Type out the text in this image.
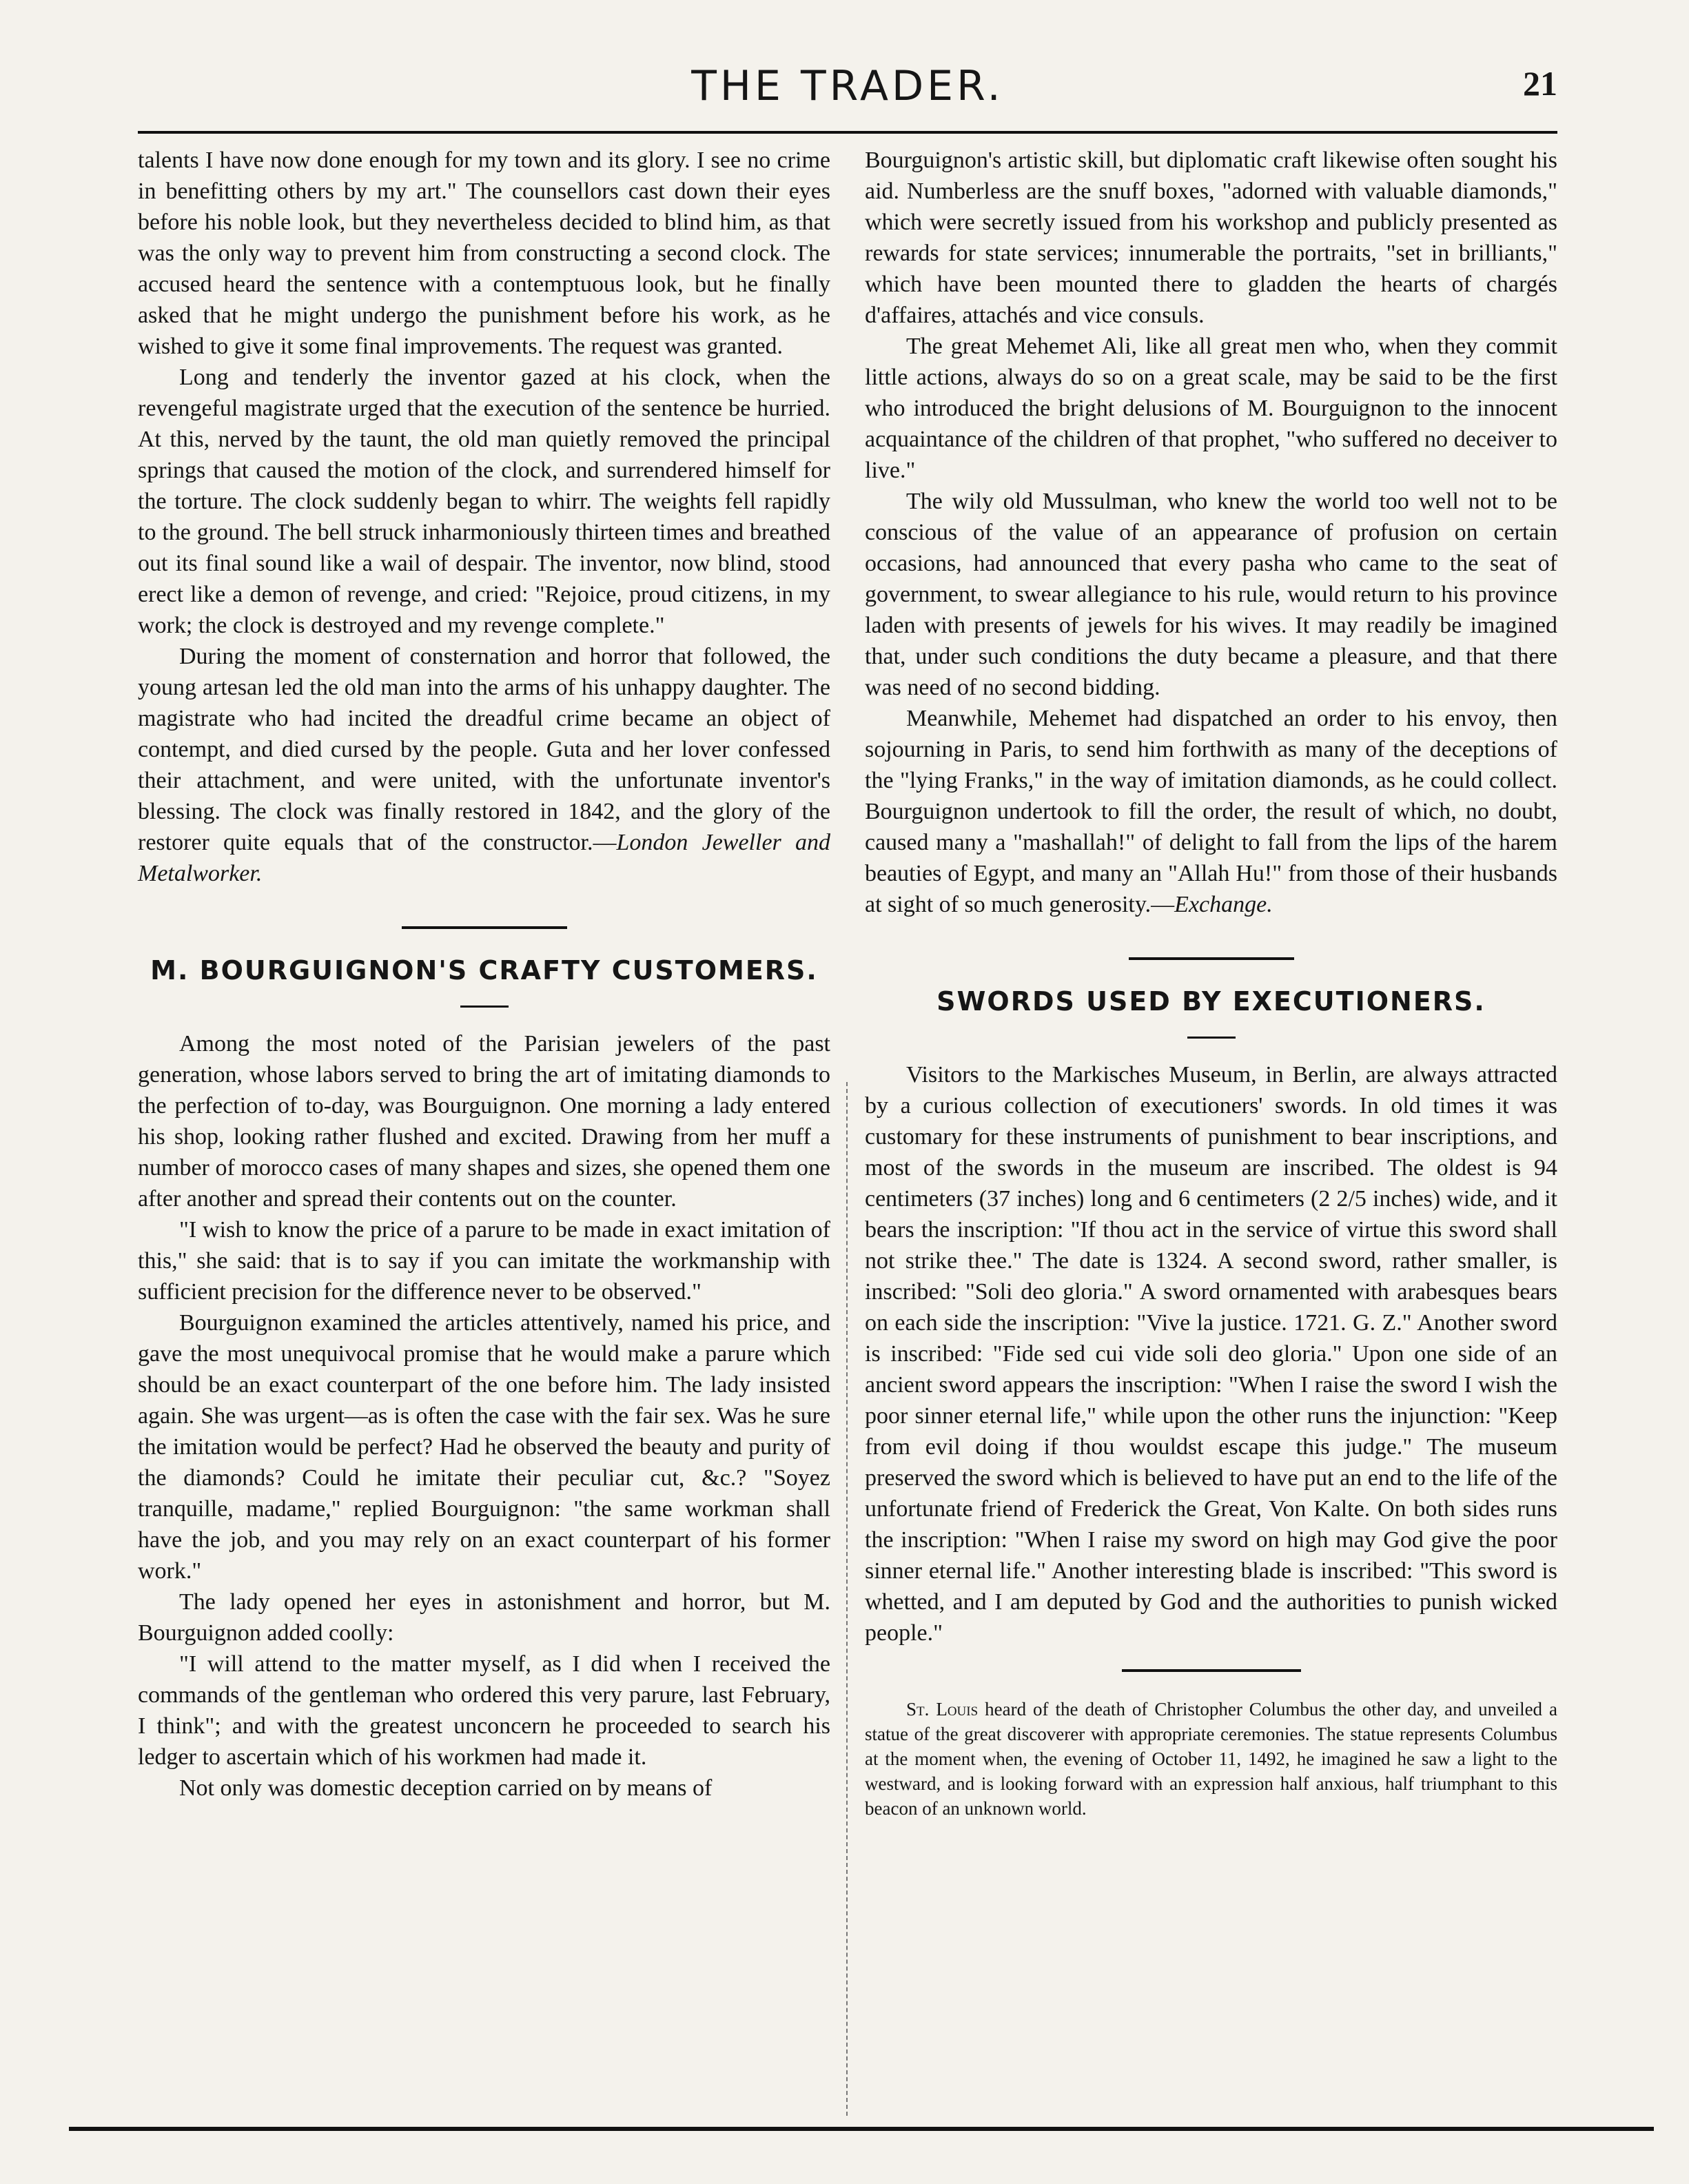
THE TRADER.	21

talents I have now done enough for my town and its glory. I see no crime in benefitting others by my art." The counsellors cast down their eyes before his noble look, but they nevertheless decided to blind him, as that was the only way to prevent him from constructing a second clock. The accused heard the sentence with a contemptuous look, but he finally asked that he might undergo the punishment before his work, as he wished to give it some final improvements. The request was granted.

Long and tenderly the inventor gazed at his clock, when the revengeful magistrate urged that the execution of the sentence be hurried. At this, nerved by the taunt, the old man quietly removed the principal springs that caused the motion of the clock, and surrendered himself for the torture. The clock suddenly began to whirr. The weights fell rapidly to the ground. The bell struck inharmoniously thirteen times and breathed out its final sound like a wail of despair. The inventor, now blind, stood erect like a demon of revenge, and cried: "Rejoice, proud citizens, in my work; the clock is destroyed and my revenge complete."

During the moment of consternation and horror that followed, the young artesan led the old man into the arms of his unhappy daughter. The magistrate who had incited the dreadful crime became an object of contempt, and died cursed by the people. Guta and her lover confessed their attachment, and were united, with the unfortunate inventor's blessing. The clock was finally restored in 1842, and the glory of the restorer quite equals that of the constructor.—London Jeweller and Metalworker.

M. BOURGUIGNON'S CRAFTY CUSTOMERS.

Among the most noted of the Parisian jewelers of the past generation, whose labors served to bring the art of imitating diamonds to the perfection of to-day, was Bourguignon. One morning a lady entered his shop, looking rather flushed and excited. Drawing from her muff a number of morocco cases of many shapes and sizes, she opened them one after another and spread their contents out on the counter.

"I wish to know the price of a parure to be made in exact imitation of this," she said: that is to say if you can imitate the workmanship with sufficient precision for the difference never to be observed."

Bourguignon examined the articles attentively, named his price, and gave the most unequivocal promise that he would make a parure which should be an exact counterpart of the one before him. The lady insisted again. She was urgent—as is often the case with the fair sex. Was he sure the imitation would be perfect? Had he observed the beauty and purity of the diamonds? Could he imitate their peculiar cut, &c.? "Soyez tranquille, madame," replied Bourguignon: "the same workman shall have the job, and you may rely on an exact counterpart of his former work."

The lady opened her eyes in astonishment and horror, but M. Bourguignon added coolly:

"I will attend to the matter myself, as I did when I received the commands of the gentleman who ordered this very parure, last February, I think"; and with the greatest unconcern he proceeded to search his ledger to ascertain which of his workmen had made it.

Not only was domestic deception carried on by means of

Bourguignon's artistic skill, but diplomatic craft likewise often sought his aid. Numberless are the snuff boxes, "adorned with valuable diamonds," which were secretly issued from his workshop and publicly presented as rewards for state services; innumerable the portraits, "set in brilliants," which have been mounted there to gladden the hearts of chargés d'affaires, attachés and vice consuls.

The great Mehemet Ali, like all great men who, when they commit little actions, always do so on a great scale, may be said to be the first who introduced the bright delusions of M. Bourguignon to the innocent acquaintance of the children of that prophet, "who suffered no deceiver to live."

The wily old Mussulman, who knew the world too well not to be conscious of the value of an appearance of profusion on certain occasions, had announced that every pasha who came to the seat of government, to swear allegiance to his rule, would return to his province laden with presents of jewels for his wives. It may readily be imagined that, under such conditions the duty became a pleasure, and that there was need of no second bidding.

Meanwhile, Mehemet had dispatched an order to his envoy, then sojourning in Paris, to send him forthwith as many of the deceptions of the "lying Franks," in the way of imitation diamonds, as he could collect. Bourguignon undertook to fill the order, the result of which, no doubt, caused many a "mashallah!" of delight to fall from the lips of the harem beauties of Egypt, and many an "Allah Hu!" from those of their husbands at sight of so much generosity.—Exchange.

SWORDS USED BY EXECUTIONERS.

Visitors to the Markisches Museum, in Berlin, are always attracted by a curious collection of executioners' swords. In old times it was customary for these instruments of punishment to bear inscriptions, and most of the swords in the museum are inscribed. The oldest is 94 centimeters (37 inches) long and 6 centimeters (2 2/5 inches) wide, and it bears the inscription: "If thou act in the service of virtue this sword shall not strike thee." The date is 1324. A second sword, rather smaller, is inscribed: "Soli deo gloria." A sword ornamented with arabesques bears on each side the inscription: "Vive la justice. 1721. G. Z." Another sword is inscribed: "Fide sed cui vide soli deo gloria." Upon one side of an ancient sword appears the inscription: "When I raise the sword I wish the poor sinner eternal life," while upon the other runs the injunction: "Keep from evil doing if thou wouldst escape this judge." The museum preserved the sword which is believed to have put an end to the life of the unfortunate friend of Frederick the Great, Von Kalte. On both sides runs the inscription: "When I raise my sword on high may God give the poor sinner eternal life." Another interesting blade is inscribed: "This sword is whetted, and I am deputed by God and the authorities to punish wicked people."

St. Louis heard of the death of Christopher Columbus the other day, and unveiled a statue of the great discoverer with appropriate ceremonies. The statue represents Columbus at the moment when, the evening of October 11, 1492, he imagined he saw a light to the westward, and is looking forward with an expression half anxious, half triumphant to this beacon of an unknown world.
